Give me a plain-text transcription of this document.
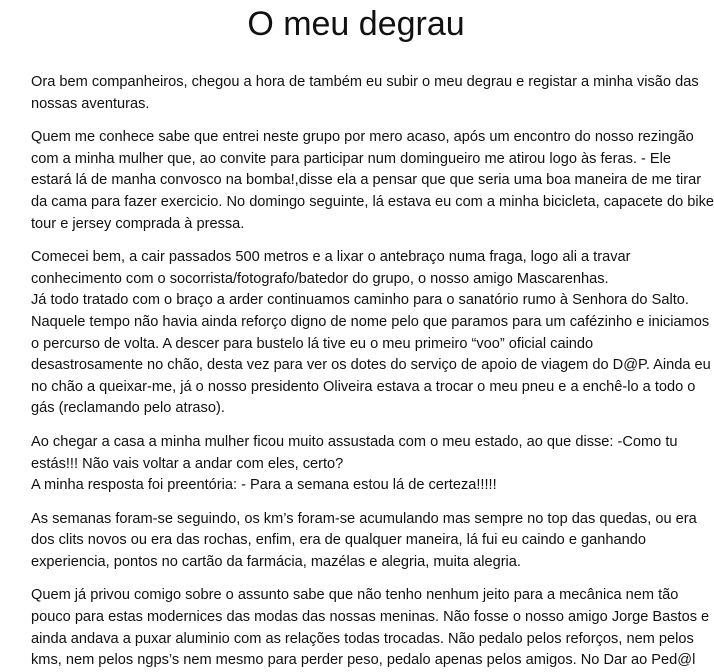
O meu degrau

Ora bem companheiros, chegou a hora de também eu subir o meu degrau e registar a minha visão das
nossas aventuras.

Quem me conhece sabe que entrei neste grupo por mero acaso, após um encontro do nosso rezingão
com a minha mulher que, ao convite para participar num domingueiro me atirou logo às feras. - Ele
estará lá de manha convosco na bomba!,disse ela a pensar que que seria uma boa maneira de me tirar
da cama para fazer exercicio. No domingo seguinte, lá estava eu com a minha bicicleta, capacete do bike
tour e jersey comprada à pressa.

Comecei bem, a cair passados 500 metros e a lixar o antebraço numa fraga, logo ali a travar
conhecimento com o socorrista/fotografo/batedor do grupo, o nosso amigo Mascarenhas.
Já todo tratado com o braço a arder continuamos caminho para o sanatório rumo à Senhora do Salto.
Naquele tempo não havia ainda reforço digno de nome pelo que paramos para um cafézinho e iniciamos
o percurso de volta. A descer para bustelo lá tive eu o meu primeiro “voo” oficial caindo
desastrosamente no chão, desta vez para ver os dotes do serviço de apoio de viagem do D@P. Ainda eu
no chão a queixar-me, já o nosso presidento Oliveira estava a trocar o meu pneu e a enchê-lo a todo o
gás (reclamando pelo atraso).

Ao chegar a casa a minha mulher ficou muito assustada com o meu estado, ao que disse: -Como tu
estás!!! Não vais voltar a andar com eles, certo?
A minha resposta foi preentória: - Para a semana estou lá de certeza!!!!!

As semanas foram-se seguindo, os km’s foram-se acumulando mas sempre no top das quedas, ou era
dos clits novos ou era das rochas, enfim, era de qualquer maneira, lá fui eu caindo e ganhando
experiencia, pontos no cartão da farmácia, mazélas e alegria, muita alegria.

Quem já privou comigo sobre o assunto sabe que não tenho nenhum jeito para a mecânica nem tão
pouco para estas modernices das modas das nossas meninas. Não fosse o nosso amigo Jorge Bastos e
ainda andava a puxar aluminio com as relações todas trocadas. Não pedalo pelos reforços, nem pelos
kms, nem pelos ngps’s nem mesmo para perder peso, pedalo apenas pelos amigos. No Dar ao Ped@l
